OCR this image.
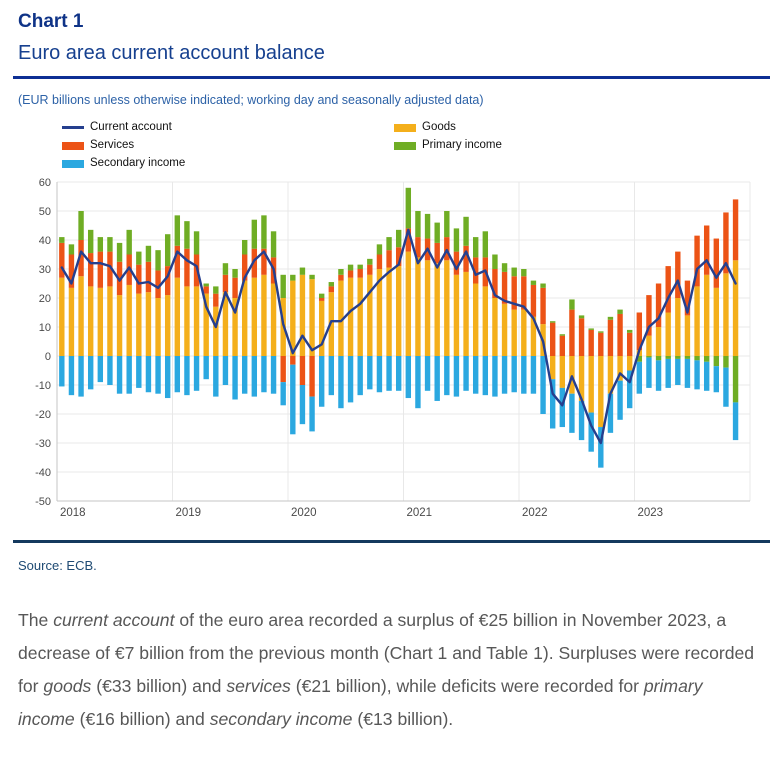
Chart 1
Euro area current account balance

(EUR billions unless otherwise indicated; working day and seasonally adjusted data)

Current account
Services
Secondary income
Goods
Primary income
60
50
40
30
20
10
0
-10
-20
-30
-40
-50
2018	2019	2020	2021	2022	2023

Source: ECB.

The current account of the euro area recorded a surplus of €25 billion in November 2023, a decrease of €7 billion from the previous month (Chart 1 and Table 1). Surpluses were recorded for goods (€33 billion) and services (€21 billion), while deficits were recorded for primary income (€16 billion) and secondary income (€13 billion).
